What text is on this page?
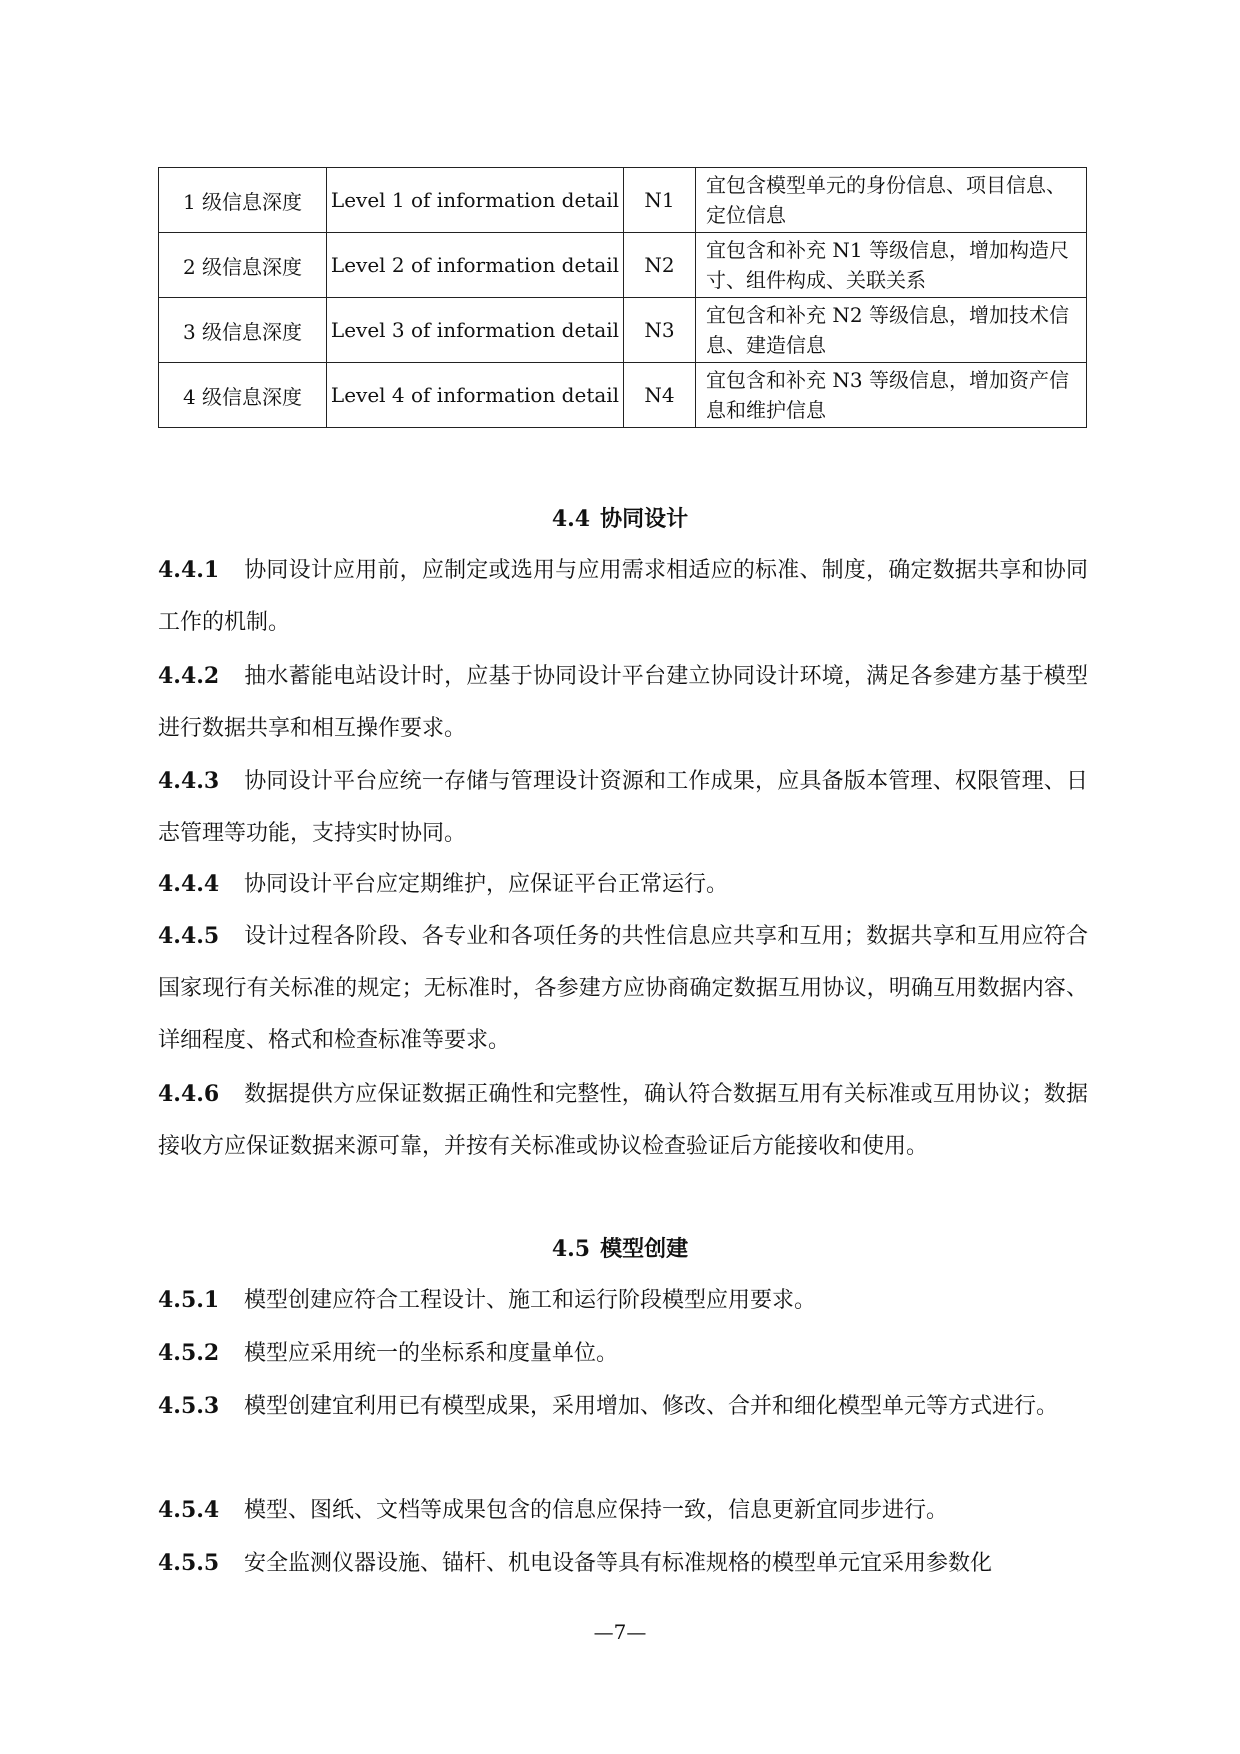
1 级信息深度	Level 1 of information detail	N1	宜包含模型单元的身份信息、项目信息、定位信息
2 级信息深度	Level 2 of information detail	N2	宜包含和补充 N1 等级信息，增加构造尺寸、组件构成、关联关系
3 级信息深度	Level 3 of information detail	N3	宜包含和补充 N2 等级信息，增加技术信息、建造信息
4 级信息深度	Level 4 of information detail	N4	宜包含和补充 N3 等级信息，增加资产信息和维护信息
4.4 协同设计
4.4.1 协同设计应用前，应制定或选用与应用需求相适应的标准、制度，确定数据共享和协同工作的机制。
4.4.2 抽水蓄能电站设计时，应基于协同设计平台建立协同设计环境，满足各参建方基于模型进行数据共享和相互操作要求。
4.4.3 协同设计平台应统一存储与管理设计资源和工作成果，应具备版本管理、权限管理、日志管理等功能，支持实时协同。
4.4.4 协同设计平台应定期维护，应保证平台正常运行。
4.4.5 设计过程各阶段、各专业和各项任务的共性信息应共享和互用；数据共享和互用应符合国家现行有关标准的规定；无标准时，各参建方应协商确定数据互用协议，明确互用数据内容、详细程度、格式和检查标准等要求。
4.4.6 数据提供方应保证数据正确性和完整性，确认符合数据互用有关标准或互用协议；数据接收方应保证数据来源可靠，并按有关标准或协议检查验证后方能接收和使用。
4.5 模型创建
4.5.1 模型创建应符合工程设计、施工和运行阶段模型应用要求。
4.5.2 模型应采用统一的坐标系和度量单位。
4.5.3 模型创建宜利用已有模型成果，采用增加、修改、合并和细化模型单元等方式进行。
4.5.4 模型、图纸、文档等成果包含的信息应保持一致，信息更新宜同步进行。
4.5.5 安全监测仪器设施、锚杆、机电设备等具有标准规格的模型单元宜采用参数化
—7—
